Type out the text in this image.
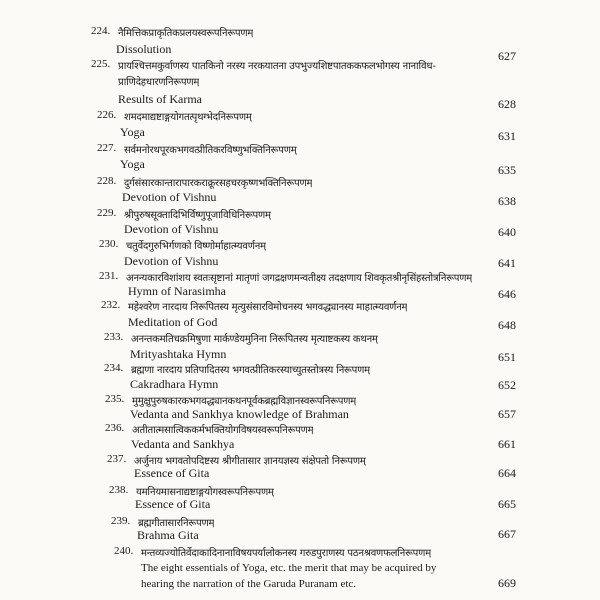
224. नैमित्तिकप्राकृतिकप्रलयस्वरूपनिरूपणम्
Dissolution	627
225. प्रायश्चित्तमकुर्वाणस्य पातकिनो नरस्य नरकयातना उपभुज्यशिष्टपातककफलभोगस्य नानाविध-
प्राणिदेहधारणनिरूपणम्
Results of Karma	628
226. शमदमाद्यष्टाङ्गयोगतत्पृथग्भेदनिरूपणम्
Yoga	631
227. सर्वमनोरथपूरकभगवत्प्रीतिकरविष्णुभक्तिनिरूपणम्
Yoga	635
228. दुर्गसंसारकान्तारापारकराक्रूरसहचरकृष्णभक्तिनिरूपणम्
Devotion of Vishnu	638
229. श्रीपुरुषसूक्तादिभिर्विष्णुपूजाविधिनिरूपणम्
Devotion of Vishnu	640
230. चतुर्वेदगुरुभिर्गणको विष्णोर्माहात्म्यवर्णनम्
Devotion of Vishnu	641
231. अनन्यकारविशांशय स्वतःसृष्टानां मातृणां जगद्रक्षणमन्वतीक्ष्य तदक्षणाय शिवकृतश्रीनृसिंहस्तोत्रनिरूपणम्
Hymn of Narasimha	646
232. महेश्वरेण नारदाय निरूपितस्य मृत्युसंसारविमोचनस्य भगवद्ध्यानस्य माहात्म्यवर्णनम्
Meditation of God	648
233. अनन्तकमतिचक्रमिषुणा मार्कण्डेयमुनिना निरूपितस्य मृत्याष्टकस्य कथनम्
Mrityashtaka Hymn	651
234. ब्रह्मणा नारदाय प्रतिपादितस्य भगवत्प्रीतिकरस्याच्युतस्तोत्रस्य निरूपणम्
Cakradhara Hymn	652
235. मुमुक्षुपुरुषकारकभगवद्ध्यानकथनपूर्वकब्रह्मविज्ञानस्वरूपनिरूपणम्
Vedanta and Sankhya knowledge of Brahman	657
236. अतीतात्मसात्विककर्मभक्तियोगविषयस्वरूपनिरूपणम्
Vedanta and Sankhya	661
237. अर्जुनाय भगवतोपदिष्टस्य श्रीगीतासार ज्ञानयज्ञस्य संक्षेपतो निरूपणम्
Essence of Gita	664
238. यमनियमासनाद्यष्टाङ्गयोगस्वरूपनिरूपणम्
Essence of Gita	665
239. ब्रह्मगीतासारनिरूपणम्
Brahma Gita	667
240. मन्तव्यज्योतिर्वेदाकादिनानाविषयपर्यालोकनस्य गरुडपुराणस्य पठनश्रवणफलनिरूपणम्
The eight essentials of Yoga, etc. the merit that may be acquired by
hearing the narration of the Garuda Puranam etc.	669
